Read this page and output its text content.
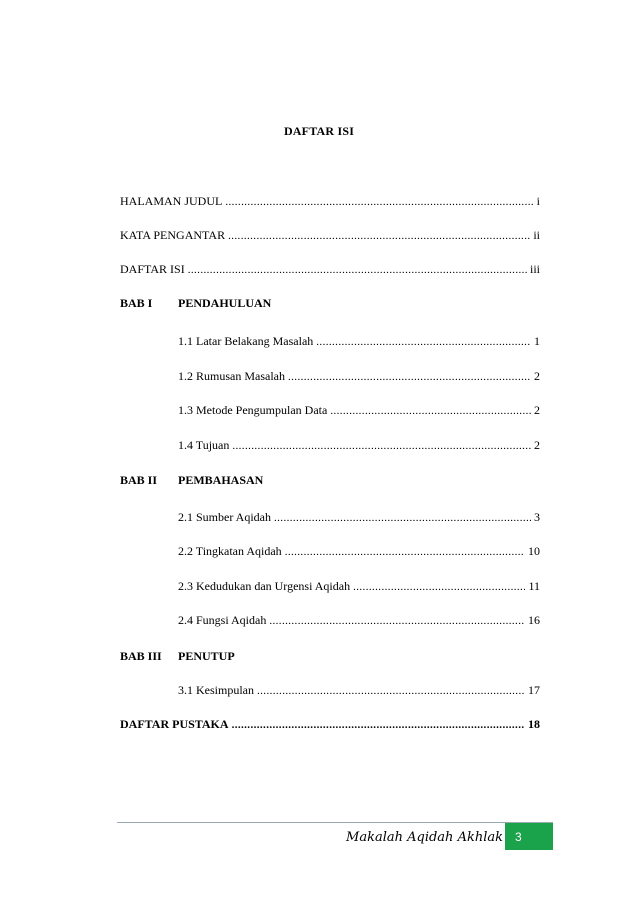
DAFTAR ISI
HALAMAN JUDUL .....	i
KATA PENGANTAR .....	ii
DAFTAR ISI .....	iii
BAB I PENDAHULUAN
1.1 Latar Belakang Masalah .....	1
1.2 Rumusan Masalah .....	2
1.3 Metode Pengumpulan Data .....	2
1.4 Tujuan .....	2
BAB II PEMBAHASAN
2.1 Sumber Aqidah .....	3
2.2 Tingkatan Aqidah .....	10
2.3 Kedudukan dan Urgensi Aqidah .....	11
2.4 Fungsi Aqidah .....	16
BAB III PENUTUP
3.1 Kesimpulan .....	17
DAFTAR PUSTAKA .....	18
Makalah Aqidah Akhlak	3
